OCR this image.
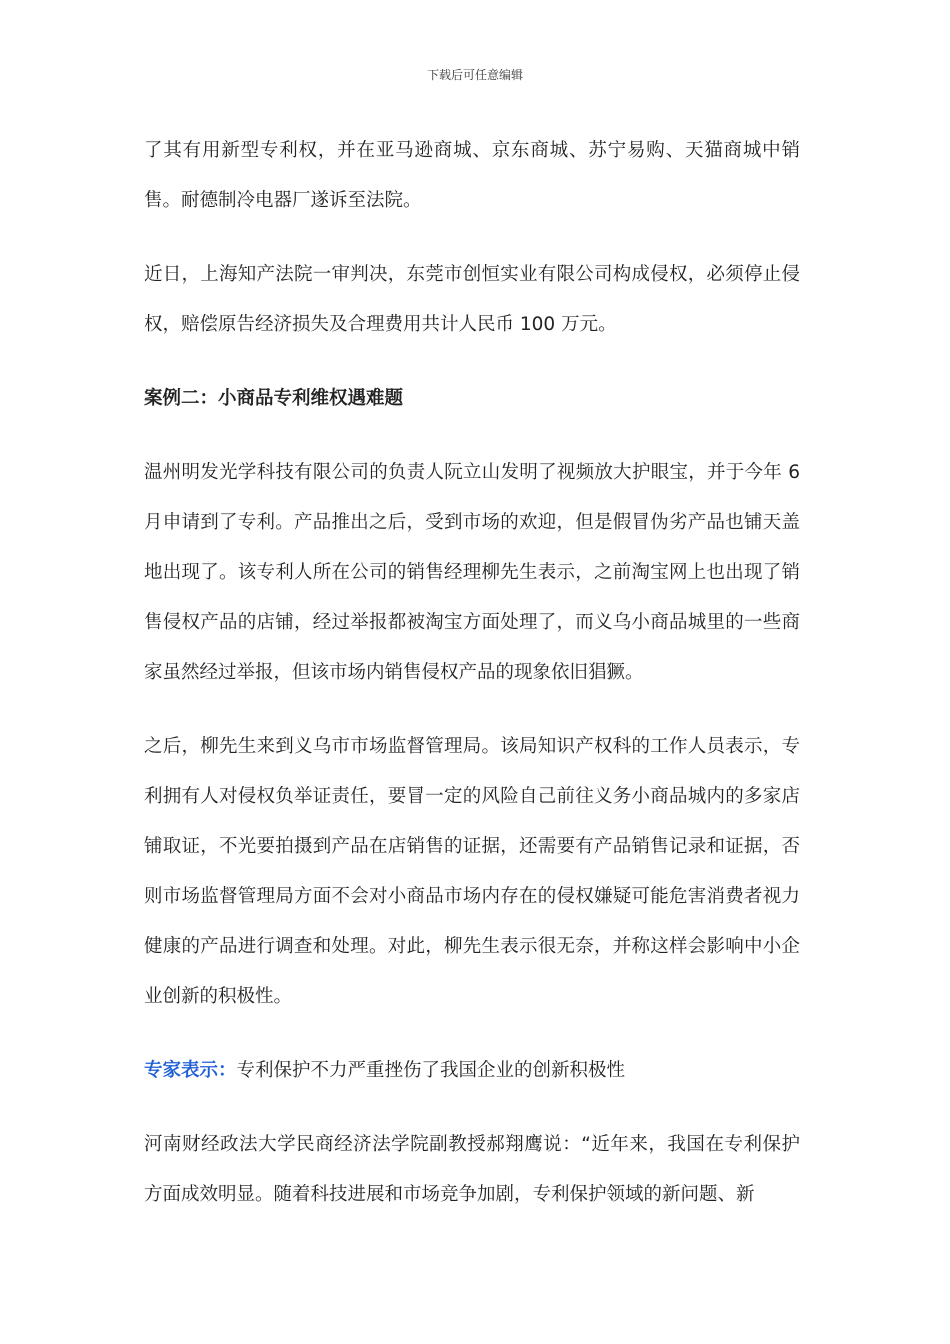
下载后可任意编辑

了其有用新型专利权，并在亚马逊商城、京东商城、苏宁易购、天猫商城中销售。耐德制冷电器厂遂诉至法院。

近日，上海知产法院一审判决，东莞市创恒实业有限公司构成侵权，必须停止侵权，赔偿原告经济损失及合理费用共计人民币 100 万元。

案例二：小商品专利维权遇难题

温州明发光学科技有限公司的负责人阮立山发明了视频放大护眼宝，并于今年 6 月申请到了专利。产品推出之后，受到市场的欢迎，但是假冒伪劣产品也铺天盖地出现了。该专利人所在公司的销售经理柳先生表示，之前淘宝网上也出现了销售侵权产品的店铺，经过举报都被淘宝方面处理了，而义乌小商品城里的一些商家虽然经过举报，但该市场内销售侵权产品的现象依旧猖獗。

之后，柳先生来到义乌市市场监督管理局。该局知识产权科的工作人员表示，专利拥有人对侵权负举证责任，要冒一定的风险自己前往义务小商品城内的多家店铺取证，不光要拍摄到产品在店销售的证据，还需要有产品销售记录和证据，否则市场监督管理局方面不会对小商品市场内存在的侵权嫌疑可能危害消费者视力健康的产品进行调查和处理。对此，柳先生表示很无奈，并称这样会影响中小企业创新的积极性。

专家表示：专利保护不力严重挫伤了我国企业的创新积极性

河南财经政法大学民商经济法学院副教授郝翔鹰说：“近年来，我国在专利保护方面成效明显。随着科技进展和市场竞争加剧，专利保护领域的新问题、新
